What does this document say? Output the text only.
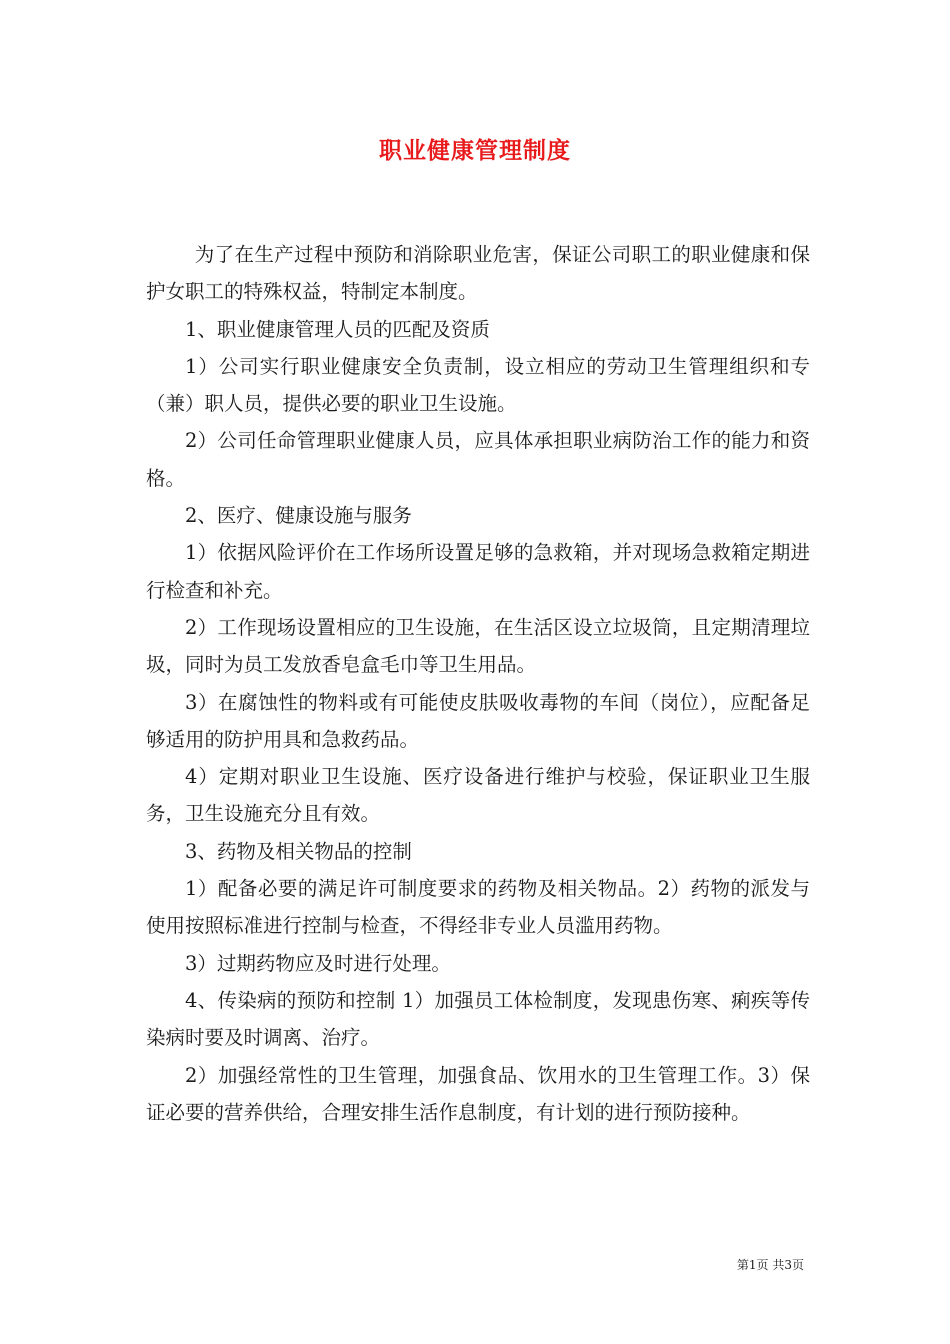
职业健康管理制度

为了在生产过程中预防和消除职业危害，保证公司职工的职业健康和保护女职工的特殊权益，特制定本制度。

1、职业健康管理人员的匹配及资质

1）公司实行职业健康安全负责制，设立相应的劳动卫生管理组织和专（兼）职人员，提供必要的职业卫生设施。

2）公司任命管理职业健康人员，应具体承担职业病防治工作的能力和资格。

2、医疗、健康设施与服务

1）依据风险评价在工作场所设置足够的急救箱，并对现场急救箱定期进行检查和补充。

2）工作现场设置相应的卫生设施，在生活区设立垃圾筒，且定期清理垃圾，同时为员工发放香皂盒毛巾等卫生用品。

3）在腐蚀性的物料或有可能使皮肤吸收毒物的车间（岗位），应配备足够适用的防护用具和急救药品。

4）定期对职业卫生设施、医疗设备进行维护与校验，保证职业卫生服务，卫生设施充分且有效。

3、药物及相关物品的控制

1）配备必要的满足许可制度要求的药物及相关物品。2）药物的派发与使用按照标准进行控制与检查，不得经非专业人员滥用药物。

3）过期药物应及时进行处理。

4、传染病的预防和控制 1）加强员工体检制度，发现患伤寒、痢疾等传染病时要及时调离、治疗。

2）加强经常性的卫生管理，加强食品、饮用水的卫生管理工作。3）保证必要的营养供给，合理安排生活作息制度，有计划的进行预防接种。

第1页 共3页
